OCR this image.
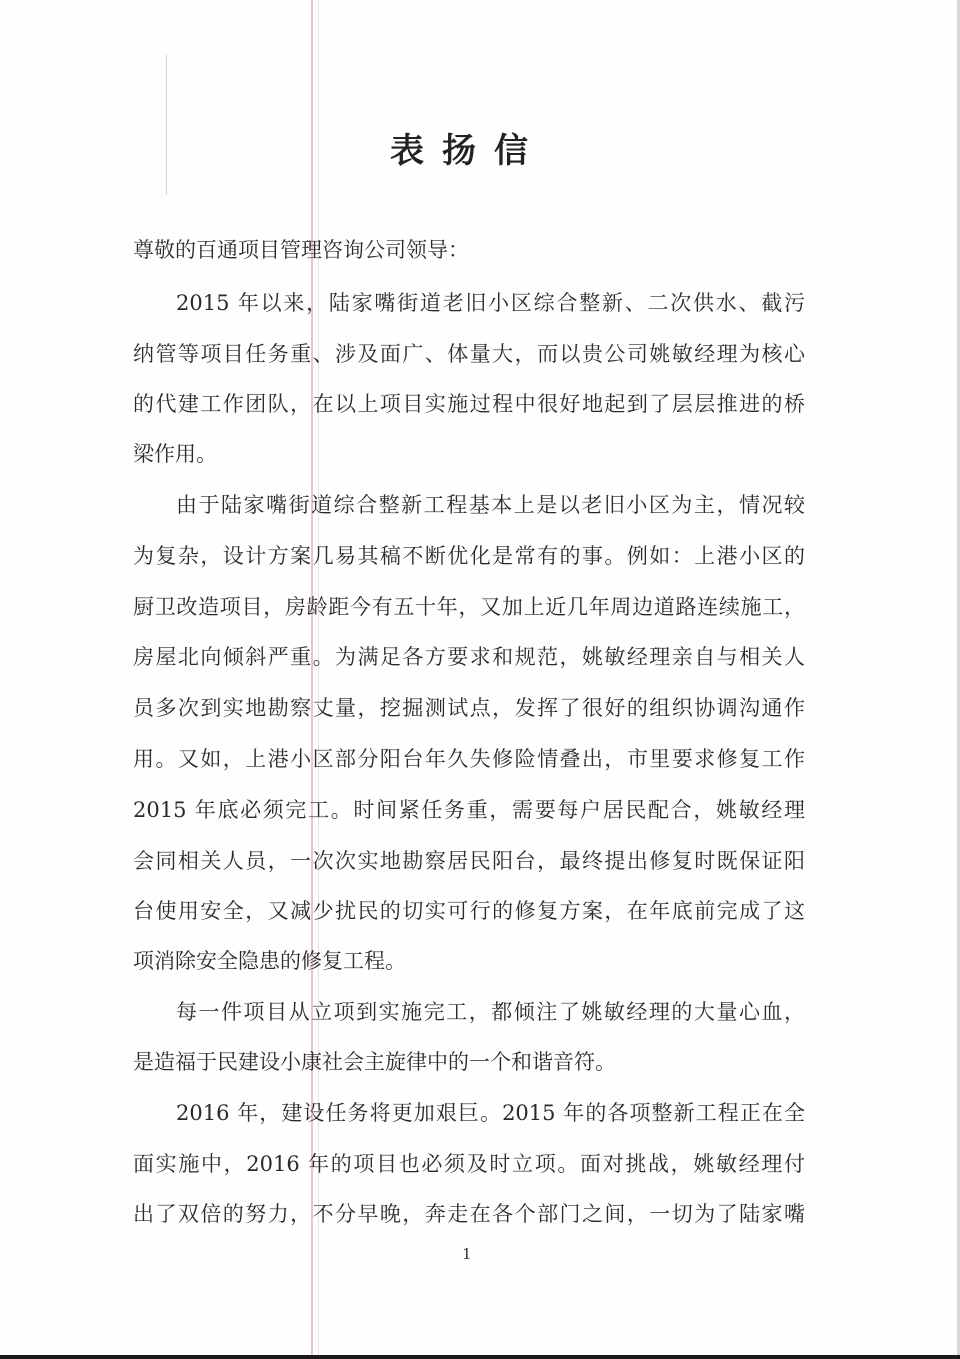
表扬信
尊敬的百通项目管理咨询公司领导：
2015 年以来，陆家嘴街道老旧小区综合整新、二次供水、截污
纳管等项目任务重、涉及面广、体量大，而以贵公司姚敏经理为核心
的代建工作团队，在以上项目实施过程中很好地起到了层层推进的桥
梁作用。
由于陆家嘴街道综合整新工程基本上是以老旧小区为主，情况较
为复杂，设计方案几易其稿不断优化是常有的事。例如：上港小区的
厨卫改造项目，房龄距今有五十年，又加上近几年周边道路连续施工，
房屋北向倾斜严重。为满足各方要求和规范，姚敏经理亲自与相关人
员多次到实地勘察丈量，挖掘测试点，发挥了很好的组织协调沟通作
用。又如，上港小区部分阳台年久失修险情叠出，市里要求修复工作
2015 年底必须完工。时间紧任务重，需要每户居民配合，姚敏经理
会同相关人员，一次次实地勘察居民阳台，最终提出修复时既保证阳
台使用安全，又减少扰民的切实可行的修复方案，在年底前完成了这
项消除安全隐患的修复工程。
每一件项目从立项到实施完工，都倾注了姚敏经理的大量心血，
是造福于民建设小康社会主旋律中的一个和谐音符。
2016 年，建设任务将更加艰巨。2015 年的各项整新工程正在全
面实施中，2016 年的项目也必须及时立项。面对挑战，姚敏经理付
出了双倍的努力，不分早晚，奔走在各个部门之间，一切为了陆家嘴
1
